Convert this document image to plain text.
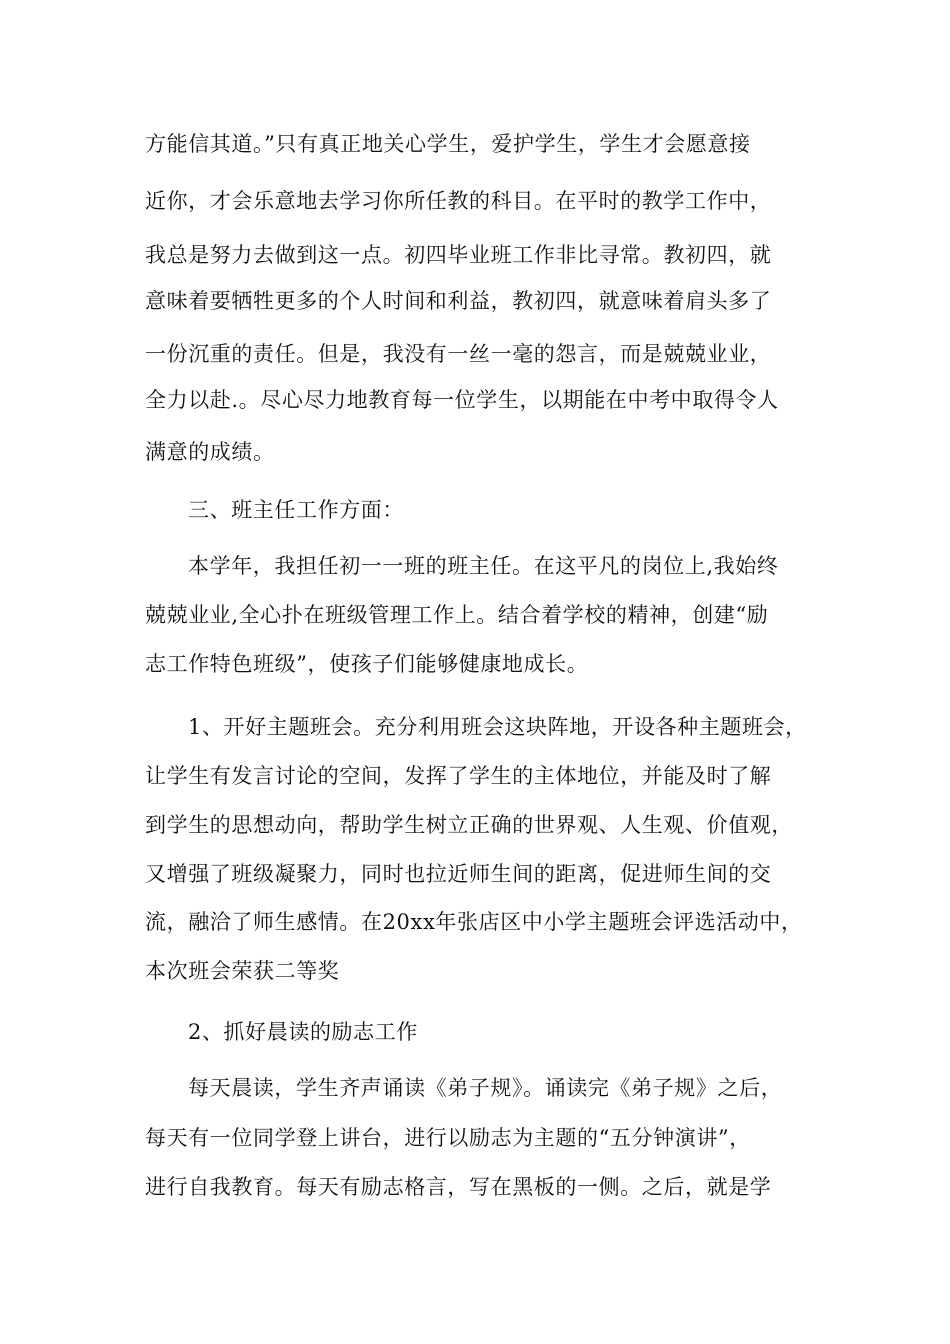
方能信其道。”只有真正地关心学生，爱护学生，学生才会愿意接
近你，才会乐意地去学习你所任教的科目。在平时的教学工作中，
我总是努力去做到这一点。初四毕业班工作非比寻常。教初四，就
意味着要牺牲更多的个人时间和利益，教初四，就意味着肩头多了
一份沉重的责任。但是，我没有一丝一毫的怨言，而是兢兢业业，
全力以赴.。尽心尽力地教育每一位学生，以期能在中考中取得令人
满意的成绩。
三、班主任工作方面：
本学年，我担任初一一班的班主任。在这平凡的岗位上,我始终
兢兢业业,全心扑在班级管理工作上。结合着学校的精神，创建“励
志工作特色班级”，使孩子们能够健康地成长。
1、开好主题班会。充分利用班会这块阵地，开设各种主题班会，
让学生有发言讨论的空间，发挥了学生的主体地位，并能及时了解
到学生的思想动向，帮助学生树立正确的世界观、人生观、价值观，
又增强了班级凝聚力，同时也拉近师生间的距离，促进师生间的交
流，融洽了师生感情。在20xx年张店区中小学主题班会评选活动中，
本次班会荣获二等奖
2、抓好晨读的励志工作
每天晨读，学生齐声诵读《弟子规》。诵读完《弟子规》之后，
每天有一位同学登上讲台，进行以励志为主题的“五分钟演讲”，
进行自我教育。每天有励志格言，写在黑板的一侧。之后，就是学
